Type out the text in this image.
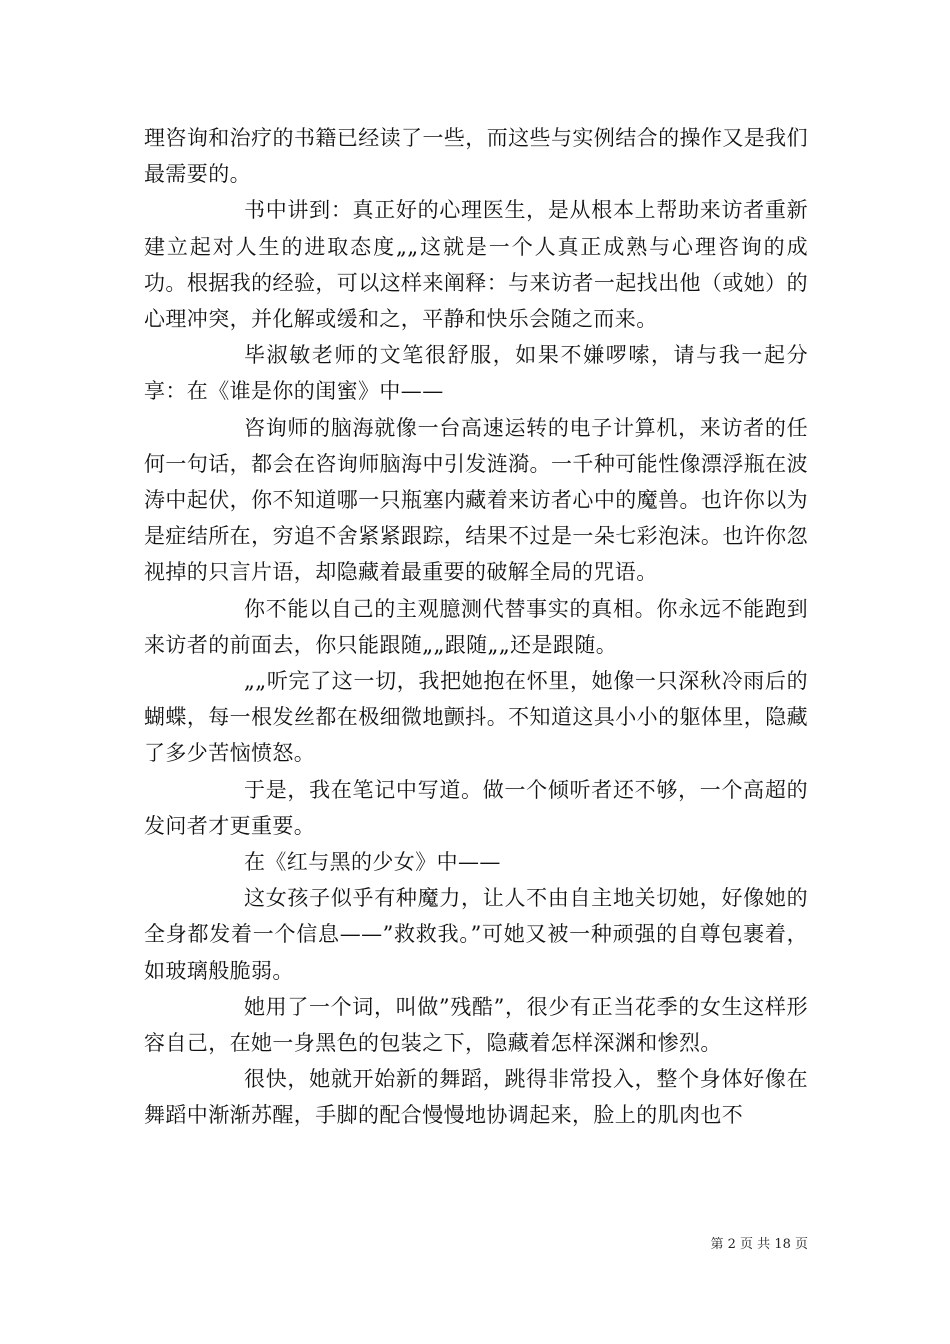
理咨询和治疗的书籍已经读了一些，而这些与实例结合的操作又是我们最需要的。

书中讲到：真正好的心理医生，是从根本上帮助来访者重新建立起对人生的进取态度„„这就是一个人真正成熟与心理咨询的成功。根据我的经验，可以这样来阐释：与来访者一起找出他（或她）的心理冲突，并化解或缓和之，平静和快乐会随之而来。

毕淑敏老师的文笔很舒服，如果不嫌啰嗦，请与我一起分享：在《谁是你的闺蜜》中——

咨询师的脑海就像一台高速运转的电子计算机，来访者的任何一句话，都会在咨询师脑海中引发涟漪。一千种可能性像漂浮瓶在波涛中起伏，你不知道哪一只瓶塞内藏着来访者心中的魔兽。也许你以为是症结所在，穷追不舍紧紧跟踪，结果不过是一朵七彩泡沫。也许你忽视掉的只言片语，却隐藏着最重要的破解全局的咒语。

你不能以自己的主观臆测代替事实的真相。你永远不能跑到来访者的前面去，你只能跟随„„跟随„„还是跟随。

„„听完了这一切，我把她抱在怀里，她像一只深秋冷雨后的蝴蝶，每一根发丝都在极细微地颤抖。不知道这具小小的躯体里，隐藏了多少苦恼愤怒。

于是，我在笔记中写道。做一个倾听者还不够，一个高超的发问者才更重要。

在《红与黑的少女》中——

这女孩子似乎有种魔力，让人不由自主地关切她，好像她的全身都发着一个信息——”救救我。”可她又被一种顽强的自尊包裹着，如玻璃般脆弱。

她用了一个词，叫做”残酷”，很少有正当花季的女生这样形容自己，在她一身黑色的包装之下，隐藏着怎样深渊和惨烈。

很快，她就开始新的舞蹈，跳得非常投入，整个身体好像在舞蹈中渐渐苏醒，手脚的配合慢慢地协调起来，脸上的肌肉也不

第 2 页 共 18 页
